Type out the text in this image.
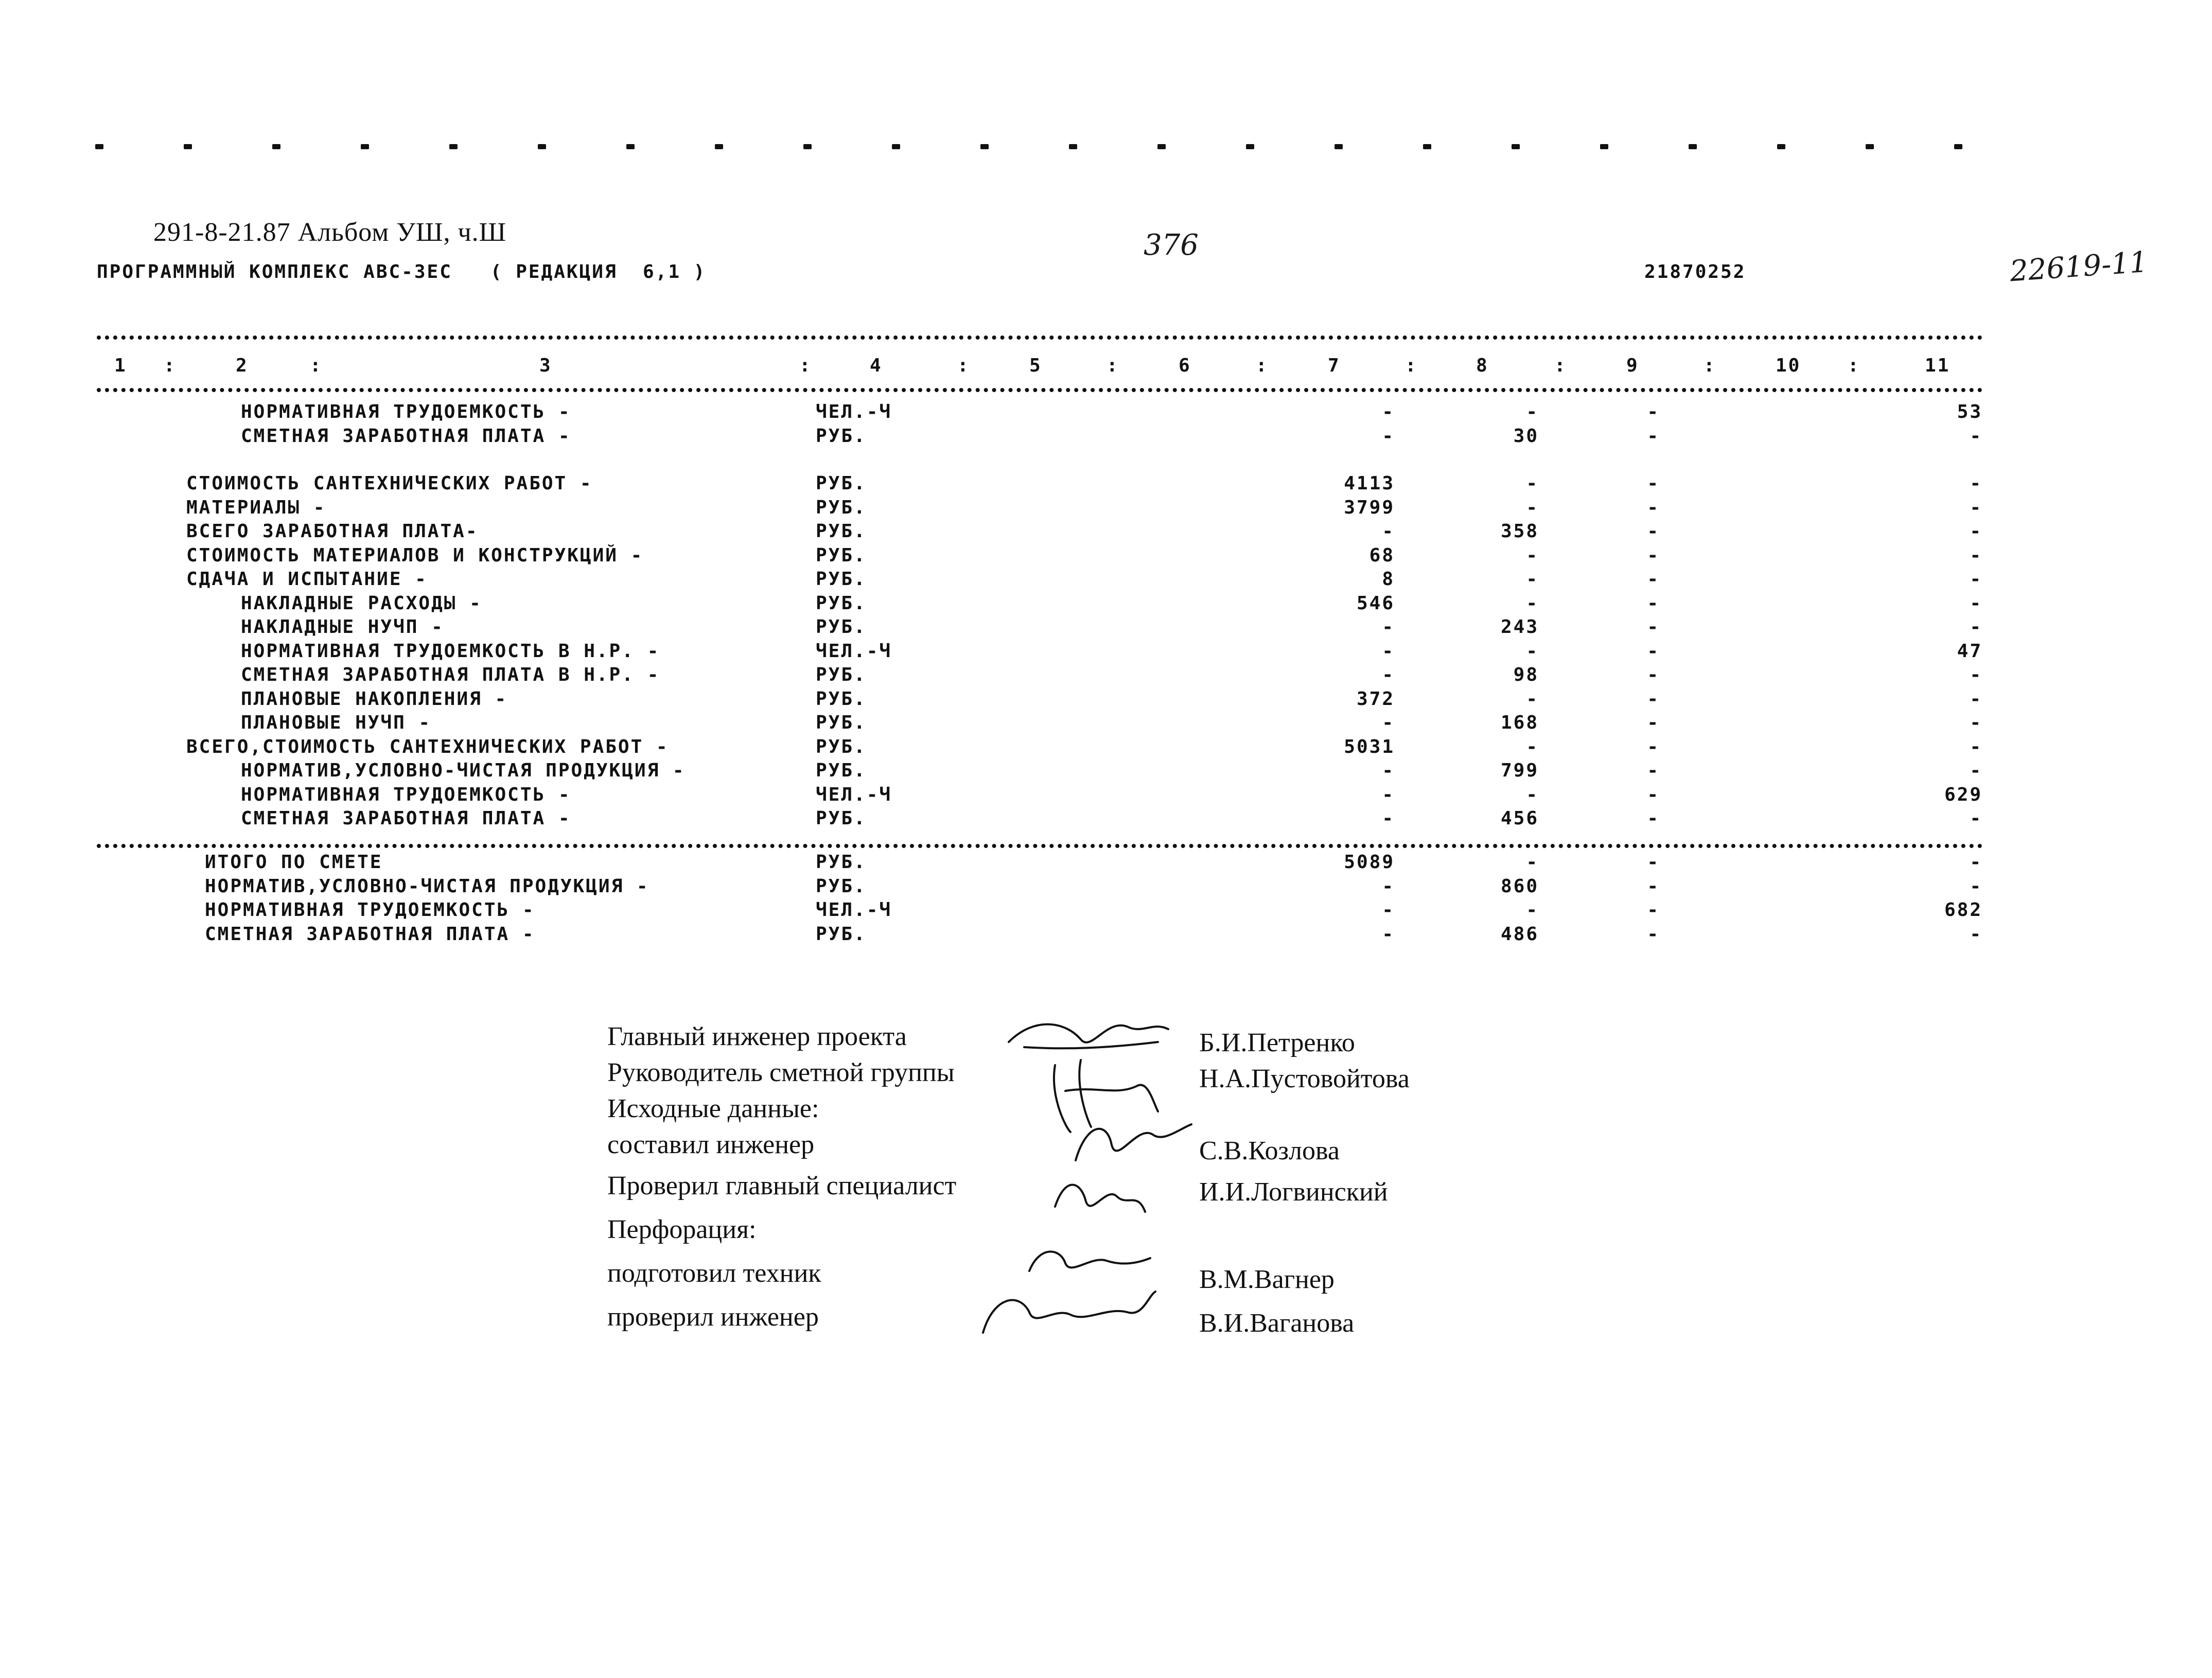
291-8-21.87 Альбом УШ, ч.Ш
ПРОГРАММНЫЙ КОМПЛЕКС АВС-ЗЕС   ( РЕДАКЦИЯ  6,1 )	21870252
376
22619-11
1	2	3	4	5	6	7	8	9	10	11
:	:	:	:	:	:	:	:	:	:
НОРМАТИВНАЯ ТРУДОЕМКОСТЬ -	ЧЕЛ.-Ч	-	-	-	53
СМЕТНАЯ ЗАРАБОТНАЯ ПЛАТА -	РУБ.	-	30	-	-
СТОИМОСТЬ САНТЕХНИЧЕСКИХ РАБОТ -	РУБ.	4113	-	-	-
МАТЕРИАЛЫ -	РУБ.	3799	-	-	-
ВСЕГО ЗАРАБОТНАЯ ПЛАТА-	РУБ.	-	358	-	-
СТОИМОСТЬ МАТЕРИАЛОВ И КОНСТРУКЦИЙ -	РУБ.	68	-	-	-
СДАЧА И ИСПЫТАНИЕ -	РУБ.	8	-	-	-
НАКЛАДНЫЕ РАСХОДЫ -	РУБ.	546	-	-	-
НАКЛАДНЫЕ НУЧП -	РУБ.	-	243	-	-
НОРМАТИВНАЯ ТРУДОЕМКОСТЬ В Н.Р. -	ЧЕЛ.-Ч	-	-	-	47
СМЕТНАЯ ЗАРАБОТНАЯ ПЛАТА В Н.Р. -	РУБ.	-	98	-	-
ПЛАНОВЫЕ НАКОПЛЕНИЯ -	РУБ.	372	-	-	-
ПЛАНОВЫЕ НУЧП -	РУБ.	-	168	-	-
ВСЕГО,СТОИМОСТЬ САНТЕХНИЧЕСКИХ РАБОТ -	РУБ.	5031	-	-	-
НОРМАТИВ,УСЛОВНО-ЧИСТАЯ ПРОДУКЦИЯ -	РУБ.	-	799	-	-
НОРМАТИВНАЯ ТРУДОЕМКОСТЬ -	ЧЕЛ.-Ч	-	-	-	629
СМЕТНАЯ ЗАРАБОТНАЯ ПЛАТА -	РУБ.	-	456	-	-
ИТОГО ПО СМЕТЕ	РУБ.	5089	-	-	-
НОРМАТИВ,УСЛОВНО-ЧИСТАЯ ПРОДУКЦИЯ -	РУБ.	-	860	-	-
НОРМАТИВНАЯ ТРУДОЕМКОСТЬ -	ЧЕЛ.-Ч	-	-	-	682
СМЕТНАЯ ЗАРАБОТНАЯ ПЛАТА -	РУБ.	-	486	-	-
Главный инженер проекта	Б.И.Петренко
Руководитель сметной группы	Н.А.Пустовойтова
Исходные данные:
составил инженер	С.В.Козлова
Проверил главный специалист	И.И.Логвинский
Перфорация:
подготовил техник	В.М.Вагнер
проверил инженер	В.И.Ваганова
